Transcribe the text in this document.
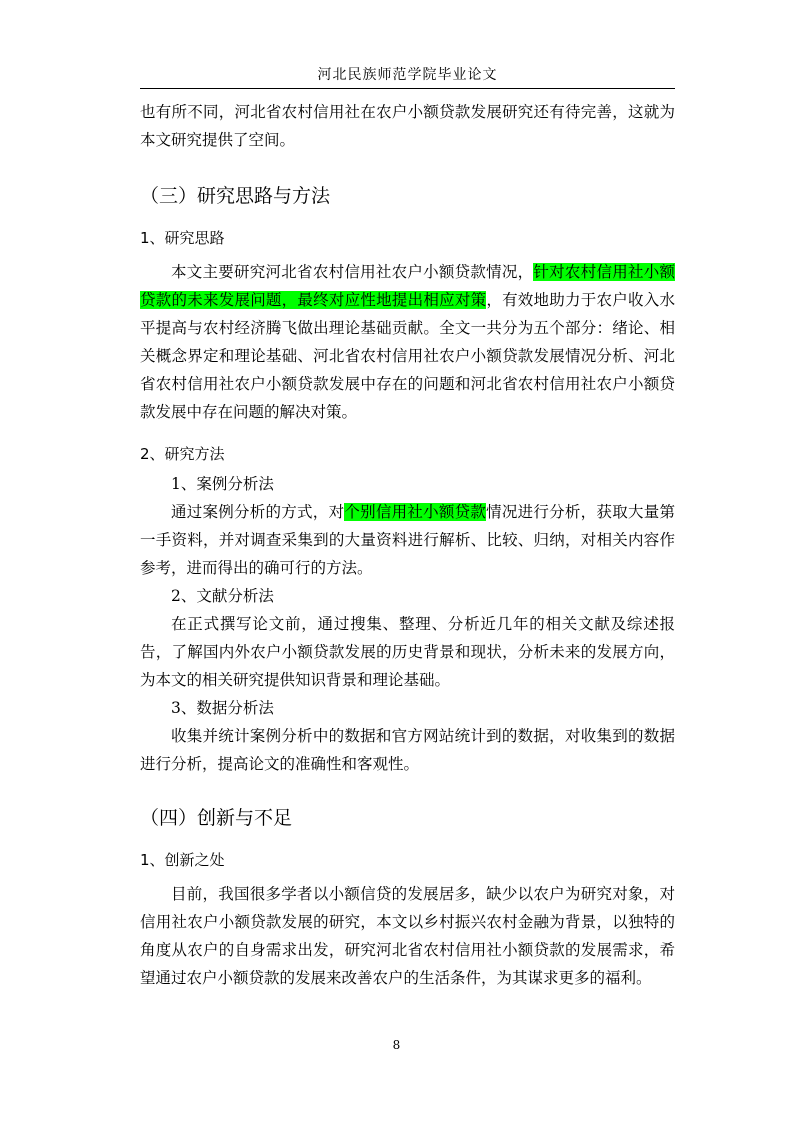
河北民族师范学院毕业论文

也有所不同，河北省农村信用社在农户小额贷款发展研究还有待完善，这就为本文研究提供了空间。

（三）研究思路与方法

1、研究思路

本文主要研究河北省农村信用社农户小额贷款情况，针对农村信用社小额贷款的未来发展问题，最终对应性地提出相应对策，有效地助力于农户收入水平提高与农村经济腾飞做出理论基础贡献。全文一共分为五个部分：绪论、相关概念界定和理论基础、河北省农村信用社农户小额贷款发展情况分析、河北省农村信用社农户小额贷款发展中存在的问题和河北省农村信用社农户小额贷款发展中存在问题的解决对策。

2、研究方法

1、案例分析法

通过案例分析的方式，对个别信用社小额贷款情况进行分析，获取大量第一手资料，并对调查采集到的大量资料进行解析、比较、归纳，对相关内容作参考，进而得出的确可行的方法。

2、文献分析法

在正式撰写论文前，通过搜集、整理、分析近几年的相关文献及综述报告，了解国内外农户小额贷款发展的历史背景和现状，分析未来的发展方向，为本文的相关研究提供知识背景和理论基础。

3、数据分析法

收集并统计案例分析中的数据和官方网站统计到的数据，对收集到的数据进行分析，提高论文的准确性和客观性。

（四）创新与不足

1、创新之处

目前，我国很多学者以小额信贷的发展居多，缺少以农户为研究对象，对信用社农户小额贷款发展的研究，本文以乡村振兴农村金融为背景，以独特的角度从农户的自身需求出发，研究河北省农村信用社小额贷款的发展需求，希望通过农户小额贷款的发展来改善农户的生活条件，为其谋求更多的福利。

8
